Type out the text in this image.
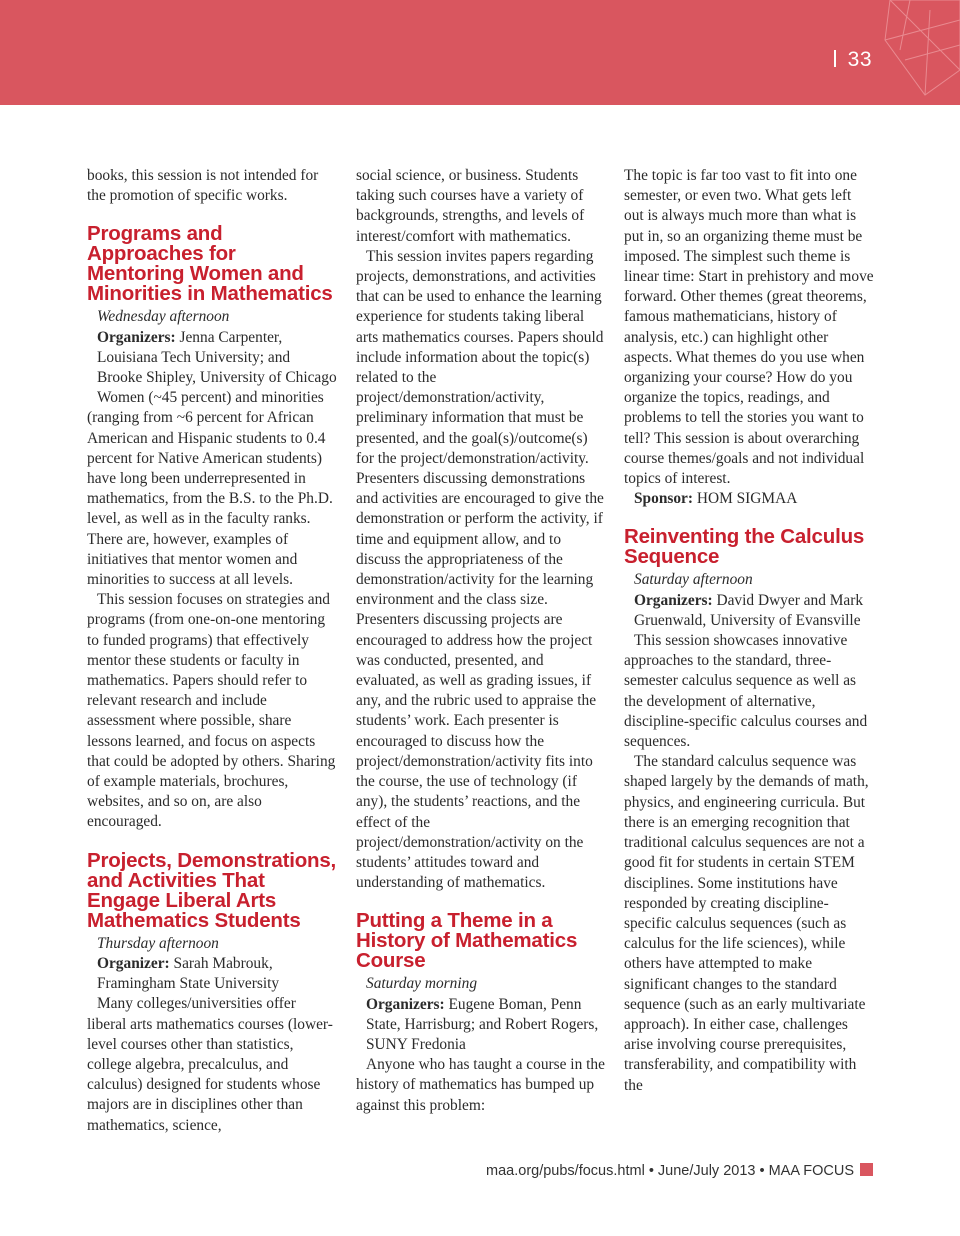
33

books, this session is not intended for the promotion of specific works.

Programs and Approaches for Mentoring Women and Minorities in Mathematics

Wednesday afternoon

Organizers: Jenna Carpenter, Louisiana Tech University; and Brooke Shipley, University of Chicago

Women (~45 percent) and minorities (ranging from ~6 percent for African American and Hispanic students to 0.4 percent for Native American students) have long been underrepresented in mathematics, from the B.S. to the Ph.D. level, as well as in the faculty ranks. There are, however, examples of initiatives that mentor women and minorities to success at all levels.

This session focuses on strategies and programs (from one-on-one mentoring to funded programs) that effectively mentor these students or faculty in mathematics. Papers should refer to relevant research and include assessment where possible, share lessons learned, and focus on aspects that could be adopted by others. Sharing of example materials, brochures, websites, and so on, are also encouraged.

Projects, Demonstrations, and Activities That Engage Liberal Arts Mathematics Students

Thursday afternoon

Organizer: Sarah Mabrouk, Framingham State University

Many colleges/universities offer liberal arts mathematics courses (lower-level courses other than statistics, college algebra, precalculus, and calculus) designed for students whose majors are in disciplines other than mathematics, science,

social science, or business. Students taking such courses have a variety of backgrounds, strengths, and levels of interest/comfort with mathematics.

This session invites papers regarding projects, demonstrations, and activities that can be used to enhance the learning experience for students taking liberal arts mathematics courses. Papers should include information about the topic(s) related to the project/demonstration/activity, preliminary information that must be presented, and the goal(s)/outcome(s) for the project/demonstration/activity. Presenters discussing demonstrations and activities are encouraged to give the demonstration or perform the activity, if time and equipment allow, and to discuss the appropriateness of the demonstration/activity for the learning environment and the class size. Presenters discussing projects are encouraged to address how the project was conducted, presented, and evaluated, as well as grading issues, if any, and the rubric used to appraise the students’ work. Each presenter is encouraged to discuss how the project/demonstration/activity fits into the course, the use of technology (if any), the students’ reactions, and the effect of the project/demonstration/activity on the students’ attitudes toward and understanding of mathematics.

Putting a Theme in a History of Mathematics Course

Saturday morning

Organizers: Eugene Boman, Penn State, Harrisburg; and Robert Rogers, SUNY Fredonia

Anyone who has taught a course in the history of mathematics has bumped up against this problem:

The topic is far too vast to fit into one semester, or even two. What gets left out is always much more than what is put in, so an organizing theme must be imposed. The simplest such theme is linear time: Start in prehistory and move forward. Other themes (great theorems, famous mathematicians, history of analysis, etc.) can highlight other aspects. What themes do you use when organizing your course? How do you organize the topics, readings, and problems to tell the stories you want to tell? This session is about overarching course themes/goals and not individual topics of interest.

Sponsor: HOM SIGMAA

Reinventing the Calculus Sequence

Saturday afternoon

Organizers: David Dwyer and Mark Gruenwald, University of Evansville

This session showcases innovative approaches to the standard, three-semester calculus sequence as well as the development of alternative, discipline-specific calculus courses and sequences.

The standard calculus sequence was shaped largely by the demands of math, physics, and engineering curricula. But there is an emerging recognition that traditional calculus sequences are not a good fit for students in certain STEM disciplines. Some institutions have responded by creating discipline-specific calculus sequences (such as calculus for the life sciences), while others have attempted to make significant changes to the standard sequence (such as an early multivariate approach). In either case, challenges arise involving course prerequisites, transferability, and compatibility with the

maa.org/pubs/focus.html • June/July 2013 • MAA FOCUS
